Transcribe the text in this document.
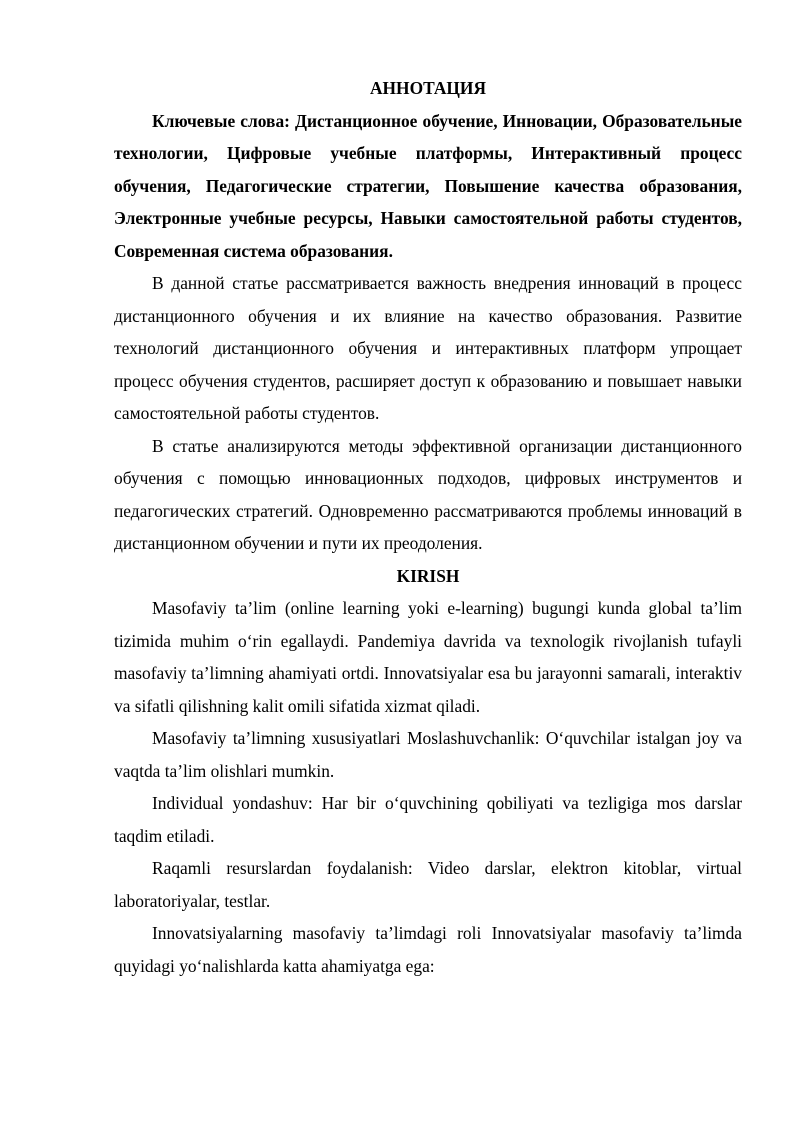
АННОТАЦИЯ

Ключевые слова: Дистанционное обучение, Инновации, Образовательные технологии, Цифровые учебные платформы, Интерактивный процесс обучения, Педагогические стратегии, Повышение качества образования, Электронные учебные ресурсы, Навыки самостоятельной работы студентов, Современная система образования.

В данной статье рассматривается важность внедрения инноваций в процесс дистанционного обучения и их влияние на качество образования. Развитие технологий дистанционного обучения и интерактивных платформ упрощает процесс обучения студентов, расширяет доступ к образованию и повышает навыки самостоятельной работы студентов.

В статье анализируются методы эффективной организации дистанционного обучения с помощью инновационных подходов, цифровых инструментов и педагогических стратегий. Одновременно рассматриваются проблемы инноваций в дистанционном обучении и пути их преодоления.

KIRISH

Masofaviy ta’lim (online learning yoki e-learning) bugungi kunda global ta’lim tizimida muhim o‘rin egallaydi. Pandemiya davrida va texnologik rivojlanish tufayli masofaviy ta’limning ahamiyati ortdi. Innovatsiyalar esa bu jarayonni samarali, interaktiv va sifatli qilishning kalit omili sifatida xizmat qiladi.

Masofaviy ta’limning xususiyatlari Moslashuvchanlik: O‘quvchilar istalgan joy va vaqtda ta’lim olishlari mumkin.

Individual yondashuv: Har bir o‘quvchining qobiliyati va tezligiga mos darslar taqdim etiladi.

Raqamli resurslardan foydalanish: Video darslar, elektron kitoblar, virtual laboratoriyalar, testlar.

Innovatsiyalarning masofaviy ta’limdagi roli Innovatsiyalar masofaviy ta’limda quyidagi yo‘nalishlarda katta ahamiyatga ega:
